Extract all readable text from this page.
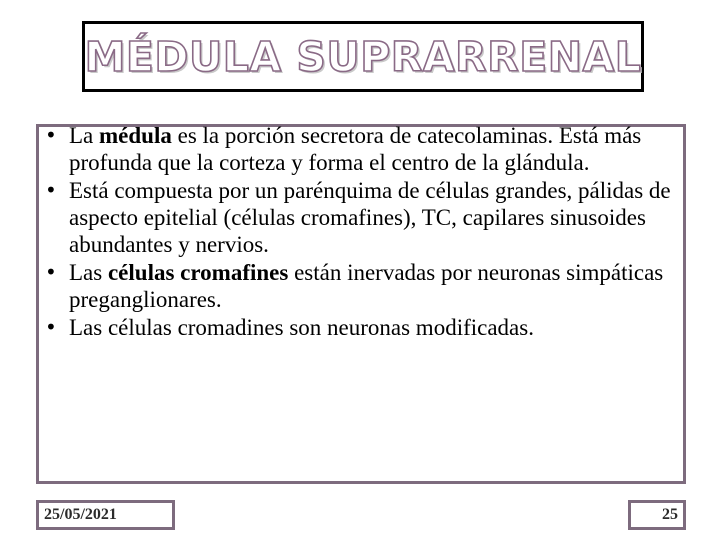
MÉDULA SUPRARRENAL
• La médula es la porción secretora de catecolaminas. Está más profunda que la corteza y forma el centro de la glándula.
• Está compuesta por un parénquima de células grandes, pálidas de aspecto epitelial (células cromafines), TC, capilares sinusoides abundantes y nervios.
• Las células cromafines están inervadas por neuronas simpáticas preganglionares.
• Las células cromadines son neuronas modificadas.
25/05/2021	25
